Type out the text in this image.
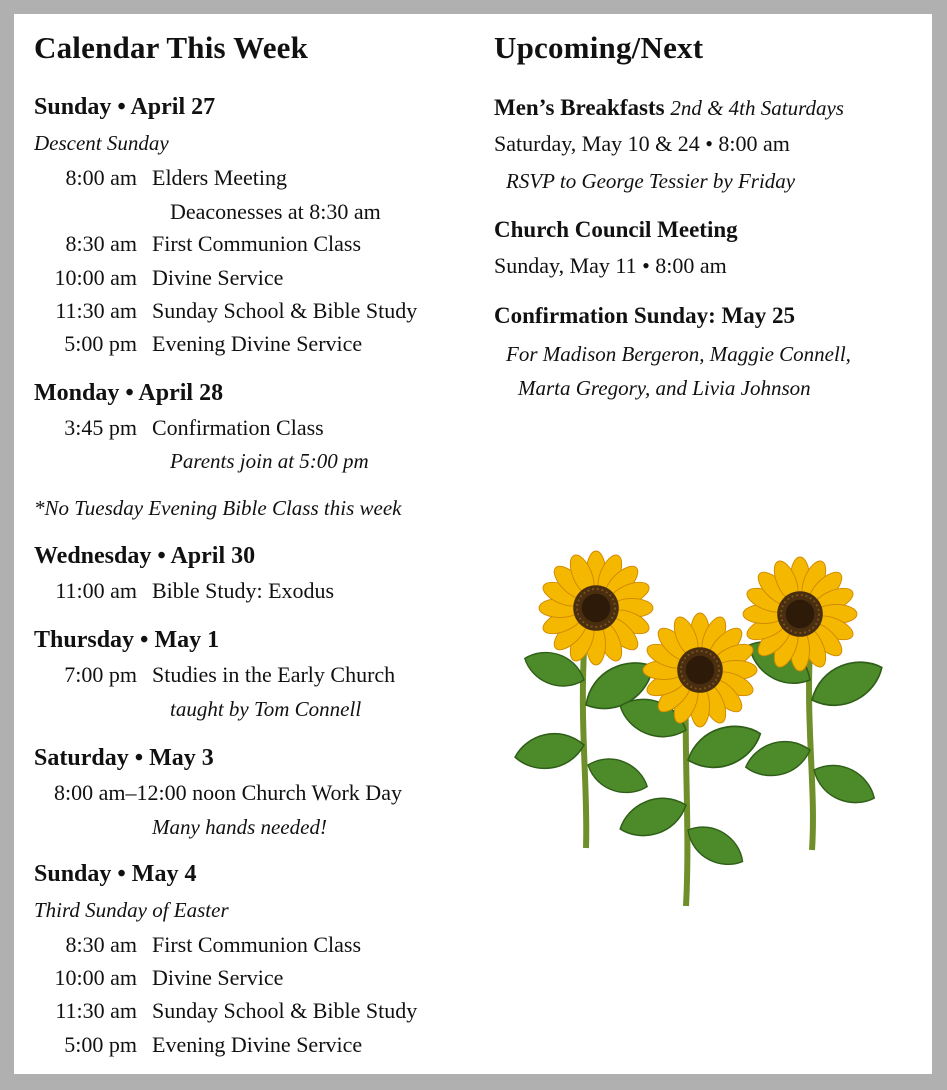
Calendar This Week
Sunday • April 27
Descent Sunday
8:00 am Elders Meeting
Deaconesses at 8:30 am
8:30 am First Communion Class
10:00 am Divine Service
11:30 am Sunday School & Bible Study
5:00 pm Evening Divine Service
Monday • April 28
3:45 pm Confirmation Class
Parents join at 5:00 pm
*No Tuesday Evening Bible Class this week
Wednesday • April 30
11:00 am Bible Study: Exodus
Thursday • May 1
7:00 pm Studies in the Early Church
taught by Tom Connell
Saturday • May 3
8:00 am–12:00 noon Church Work Day
Many hands needed!
Sunday • May 4
Third Sunday of Easter
8:30 am First Communion Class
10:00 am Divine Service
11:30 am Sunday School & Bible Study
5:00 pm Evening Divine Service
Upcoming/Next
Men’s Breakfasts 2nd & 4th Saturdays
Saturday, May 10 & 24 • 8:00 am
RSVP to George Tessier by Friday
Church Council Meeting
Sunday, May 11 • 8:00 am
Confirmation Sunday: May 25
For Madison Bergeron, Maggie Connell,
Marta Gregory, and Livia Johnson
